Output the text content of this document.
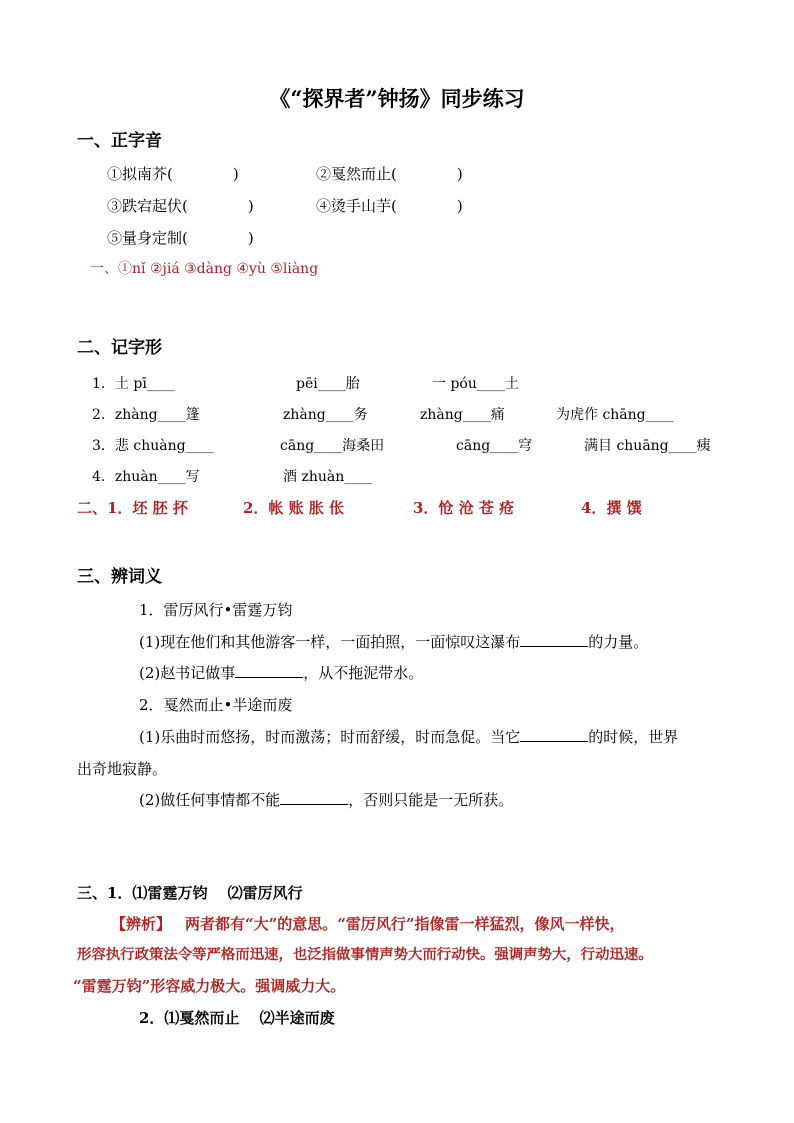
《“探界者”钟扬》同步练习
一、正字音
①拟南芥(	)	②戛然而止(	)
③跌宕起伏(	)	④烫手山芋(	)
⑤量身定制(	)
一、①nǐ ②jiá ③dàng ④yù ⑤liàng
二、记字形
1．土 pī____	pēi____胎	一 póu____土
2．zhàng____篷	zhàng____务	zhàng____痛	为虎作 chāng____
3．悲 chuàng____	cāng____海桑田	cāng____穹	满目 chuāng____痍
4．zhuàn____写	酒 zhuàn____
二、1．坯 胚 抔	2．帐 账 胀 伥	3．怆 沧 苍 疮	4．撰 馔
三、辨词义
1．雷厉风行•雷霆万钧
(1)现在他们和其他游客一样，一面拍照，一面惊叹这瀑布	的力量。
(2)赵书记做事	，从不拖泥带水。
2．戛然而止•半途而废
(1)乐曲时而悠扬，时而激荡；时而舒缓，时而急促。当它	的时候，世界
出奇地寂静。
(2)做任何事情都不能	，否则只能是一无所获。
三、1．⑴雷霆万钧　 ⑵雷厉风行
【辨析】 两者都有“大”的意思。“雷厉风行”指像雷一样猛烈，像风一样快，
形容执行政策法令等严格而迅速，也泛指做事情声势大而行动快。强调声势大，行动迅速。
“雷霆万钧”形容威力极大。强调威力大。
2．⑴戛然而止　 ⑵半途而废
